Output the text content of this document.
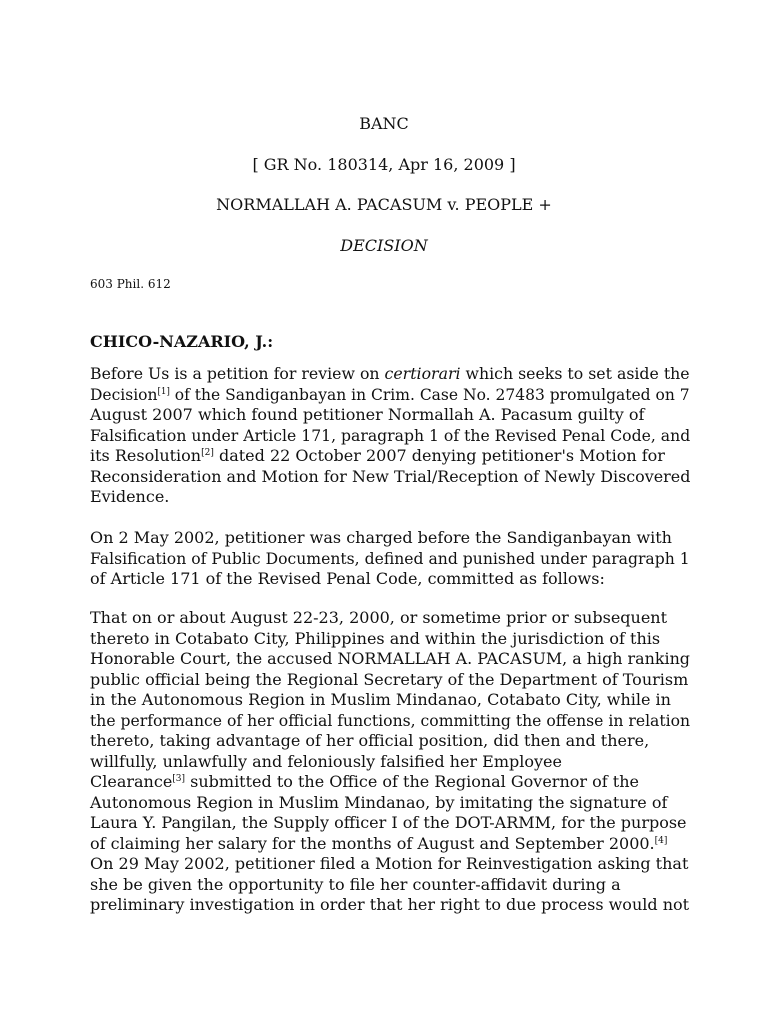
BANC
[ GR No. 180314, Apr 16, 2009 ]
NORMALLAH A. PACASUM v. PEOPLE +
DECISION
603 Phil. 612
CHICO-NAZARIO, J.:
Before Us is a petition for review on certiorari which seeks to set aside the
Decision[1] of the Sandiganbayan in Crim. Case No. 27483 promulgated on 7
August 2007 which found petitioner Normallah A. Pacasum guilty of
Falsification under Article 171, paragraph 1 of the Revised Penal Code, and
its Resolution[2] dated 22 October 2007 denying petitioner's Motion for
Reconsideration and Motion for New Trial/Reception of Newly Discovered
Evidence.
On 2 May 2002, petitioner was charged before the Sandiganbayan with
Falsification of Public Documents, defined and punished under paragraph 1
of Article 171 of the Revised Penal Code, committed as follows:
That on or about August 22-23, 2000, or sometime prior or subsequent
thereto in Cotabato City, Philippines and within the jurisdiction of this
Honorable Court, the accused NORMALLAH A. PACASUM, a high ranking
public official being the Regional Secretary of the Department of Tourism
in the Autonomous Region in Muslim Mindanao, Cotabato City, while in
the performance of her official functions, committing the offense in relation
thereto, taking advantage of her official position, did then and there,
willfully, unlawfully and feloniously falsified her Employee
Clearance[3] submitted to the Office of the Regional Governor of the
Autonomous Region in Muslim Mindanao, by imitating the signature of
Laura Y. Pangilan, the Supply officer I of the DOT-ARMM, for the purpose
of claiming her salary for the months of August and September 2000.[4]
On 29 May 2002, petitioner filed a Motion for Reinvestigation asking that
she be given the opportunity to file her counter-affidavit during a
preliminary investigation in order that her right to due process would not
